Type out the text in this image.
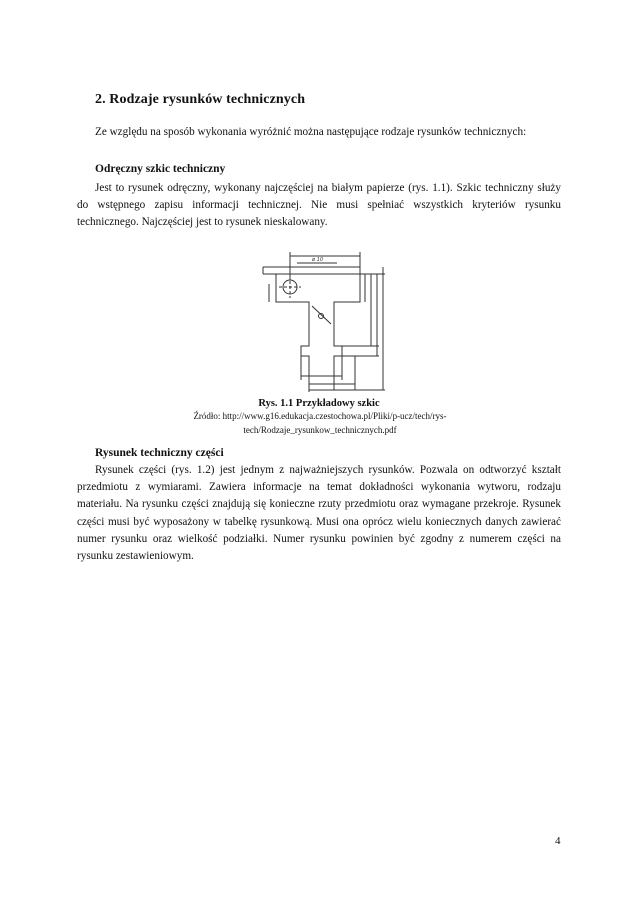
2. Rodzaje rysunków technicznych

Ze względu na sposób wykonania wyróżnić można następujące rodzaje rysunków technicznych:

Odręczny szkic techniczny

Jest to rysunek odręczny, wykonany najczęściej na białym papierze (rys. 1.1). Szkic techniczny służy do wstępnego zapisu informacji technicznej. Nie musi spełniać wszystkich kryteriów rysunku technicznego. Najczęściej jest to rysunek nieskalowany.

ø 10
Rys. 1.1 Przykładowy szkic
Źródło: http://www.g16.edukacja.czestochowa.pl/Pliki/p-ucz/tech/rys-tech/Rodzaje_rysunkow_technicznych.pdf
Rysunek techniczny części

Rysunek części (rys. 1.2) jest jednym z najważniejszych rysunków. Pozwala on odtworzyć kształt przedmiotu z wymiarami. Zawiera informacje na temat dokładności wykonania wytworu, rodzaju materiału. Na rysunku części znajdują się konieczne rzuty przedmiotu oraz wymagane przekroje. Rysunek części musi być wyposażony w tabelkę rysunkową. Musi ona oprócz wielu koniecznych danych zawierać numer rysunku oraz wielkość podziałki. Numer rysunku powinien być zgodny z numerem części na rysunku zestawieniowym.

4
